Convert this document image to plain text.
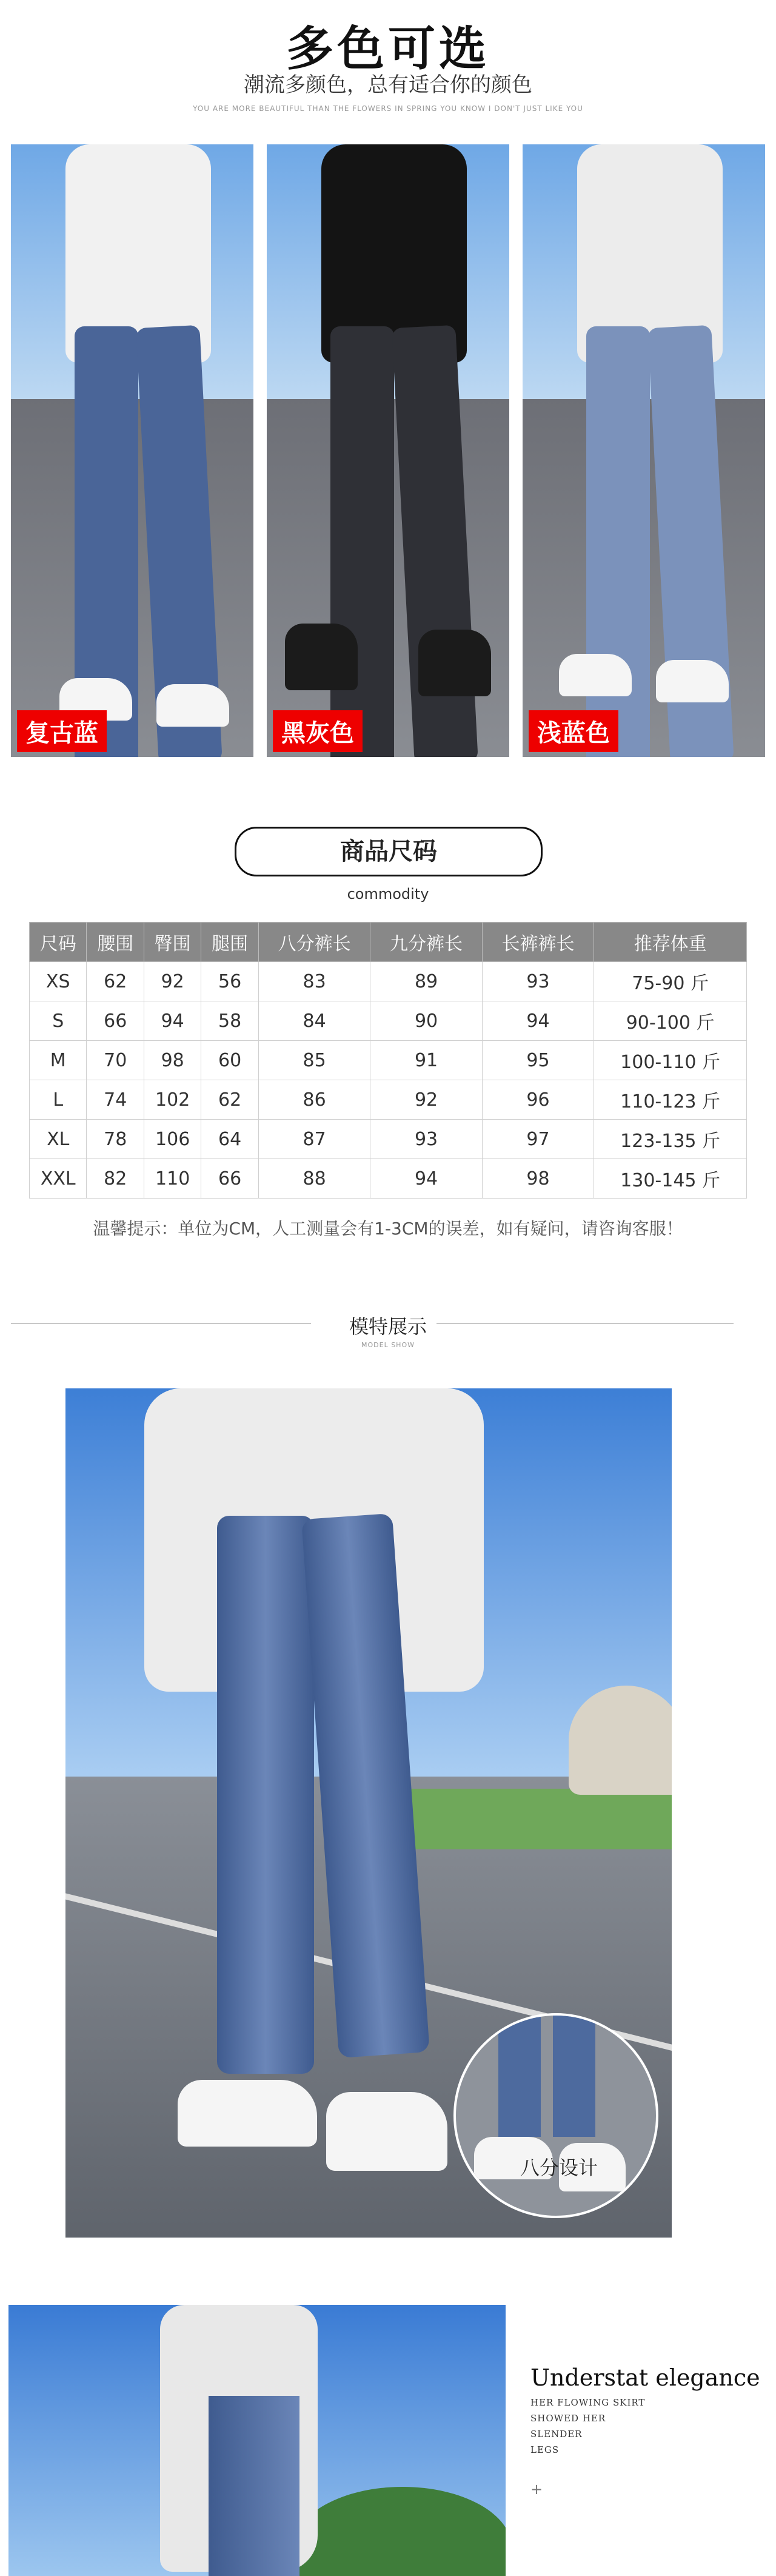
多色可选
潮流多颜色，总有适合你的颜色
YOU ARE MORE BEAUTIFUL THAN THE FLOWERS IN SPRING YOU KNOW I DON'T JUST LIKE YOU
复古蓝	黑灰色	浅蓝色
商品尺码
commodity
尺码	腰围	臀围	腿围	八分裤长	九分裤长	长裤裤长	推荐体重
XS	62	92	56	83	89	93	75-90 斤
S	66	94	58	84	90	94	90-100 斤
M	70	98	60	85	91	95	100-110 斤
L	74	102	62	86	92	96	110-123 斤
XL	78	106	64	87	93	97	123-135 斤
XXL	82	110	66	88	94	98	130-145 斤
温馨提示：单位为CM，人工测量会有1-3CM的误差，如有疑问，请咨询客服！
模特展示
MODEL SHOW
八分设计
Understat elegance
HER FLOWING SKIRT
SHOWED HER
SLENDER
LEGS
+
